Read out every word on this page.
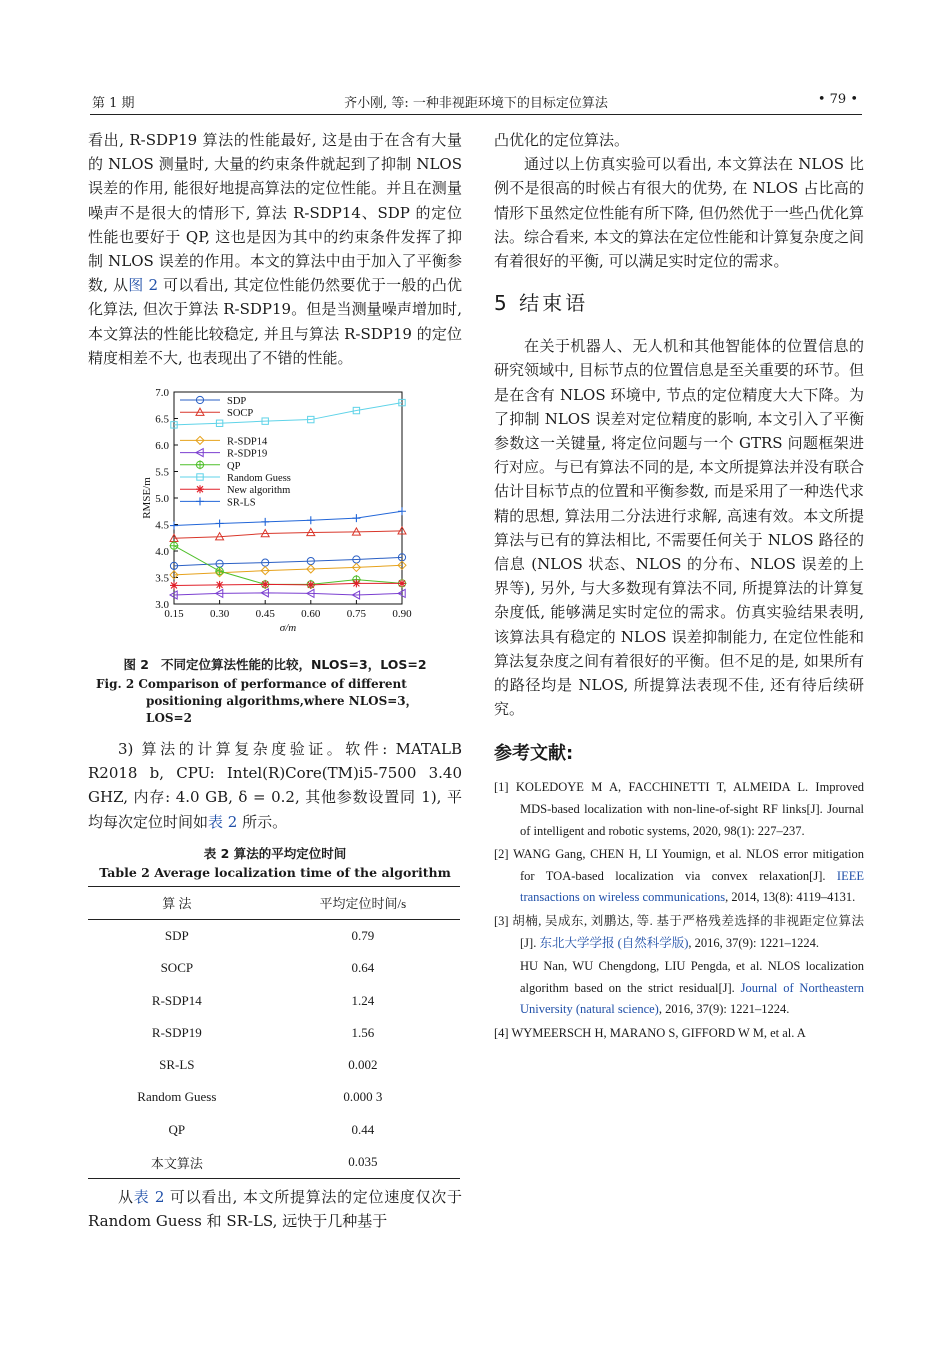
第 1 期	齐小刚, 等: 一种非视距环境下的目标定位算法	• 79 •

看出, R-SDP19 算法的性能最好, 这是由于在含有大量的 NLOS 测量时, 大量的约束条件就起到了抑制 NLOS 误差的作用, 能很好地提高算法的定位性能。并且在测量噪声不是很大的情形下, 算法 R-SDP14、SDP 的定位性能也要好于 QP, 这也是因为其中的约束条件发挥了抑制 NLOS 误差的作用。本文的算法中由于加入了平衡参数, 从图 2 可以看出, 其定位性能仍然要优于一般的凸优化算法, 但次于算法 R-SDP19。但是当测量噪声增加时, 本文算法的性能比较稳定, 并且与算法 R-SDP19 的定位精度相差不大, 也表现出了不错的性能。

3.0
3.5
4.0
4.5
5.0
5.5
6.0
6.5
7.0
0.15 0.30 0.45 0.60 0.75 0.90
σ/m
RMSE/m
SDP
SOCP
R-SDP14
R-SDP19
QP
Random Guess
New algorithm
SR-LS

图 2 不同定位算法性能的比较，NLOS=3，LOS=2

Fig. 2 Comparison of performance of different positioning algorithms,where NLOS=3，LOS=2

3) 算法的计算复杂度验证。软件: MATALB R2018 b, CPU: Intel(R)Core(TM)i5-7500 3.40 GHZ, 内存: 4.0 GB, δ = 0.2, 其他参数设置同 1), 平均每次定位时间如表 2 所示。

表 2 算法的平均定位时间
Table 2 Average localization time of the algorithm

算 法	平均定位时间/s
SDP	0.79
SOCP	0.64
R-SDP14	1.24
R-SDP19	1.56
SR-LS	0.002
Random Guess	0.000 3
QP	0.44
本文算法	0.035

从表 2 可以看出, 本文所提算法的定位速度仅次于 Random Guess 和 SR-LS, 远快于几种基于

凸优化的定位算法。

通过以上仿真实验可以看出, 本文算法在 NLOS 比例不是很高的时候占有很大的优势, 在 NLOS 占比高的情形下虽然定位性能有所下降, 但仍然优于一些凸优化算法。综合看来, 本文的算法在定位性能和计算复杂度之间有着很好的平衡, 可以满足实时定位的需求。

5 结束语

在关于机器人、无人机和其他智能体的位置信息的研究领域中, 目标节点的位置信息是至关重要的环节。但是在含有 NLOS 环境中, 节点的定位精度大大下降。为了抑制 NLOS 误差对定位精度的影响, 本文引入了平衡参数这一关键量, 将定位问题与一个 GTRS 问题框架进行对应。与已有算法不同的是, 本文所提算法并没有联合估计目标节点的位置和平衡参数, 而是采用了一种迭代求精的思想, 算法用二分法进行求解, 高速有效。本文所提算法与已有的算法相比, 不需要任何关于 NLOS 路径的信息 (NLOS 状态、NLOS 的分布、NLOS 误差的上界等), 另外, 与大多数现有算法不同, 所提算法的计算复杂度低, 能够满足实时定位的需求。仿真实验结果表明, 该算法具有稳定的 NLOS 误差抑制能力, 在定位性能和算法复杂度之间有着很好的平衡。但不足的是, 如果所有的路径均是 NLOS, 所提算法表现不佳, 还有待后续研究。

参考文献:

[1] KOLEDOYE M A, FACCHINETTI T, ALMEIDA L. Improved MDS-based localization with non-line-of-sight RF links[J]. Journal of intelligent and robotic systems, 2020, 98(1): 227–237.

[2] WANG Gang, CHEN H, LI Youmign, et al. NLOS error mitigation for TOA-based localization via convex relaxation[J]. IEEE transactions on wireless communications, 2014, 13(8): 4119–4131.

[3] 胡楠, 吴成东, 刘鹏达, 等. 基于严格残差选择的非视距定位算法 [J]. 东北大学学报 (自然科学版), 2016, 37(9): 1221–1224.

HU Nan, WU Chengdong, LIU Pengda, et al. NLOS localization algorithm based on the strict residual[J]. Journal of Northeastern University (natural science), 2016, 37(9): 1221–1224.

[4] WYMEERSCH H, MARANO S, GIFFORD W M, et al. A
